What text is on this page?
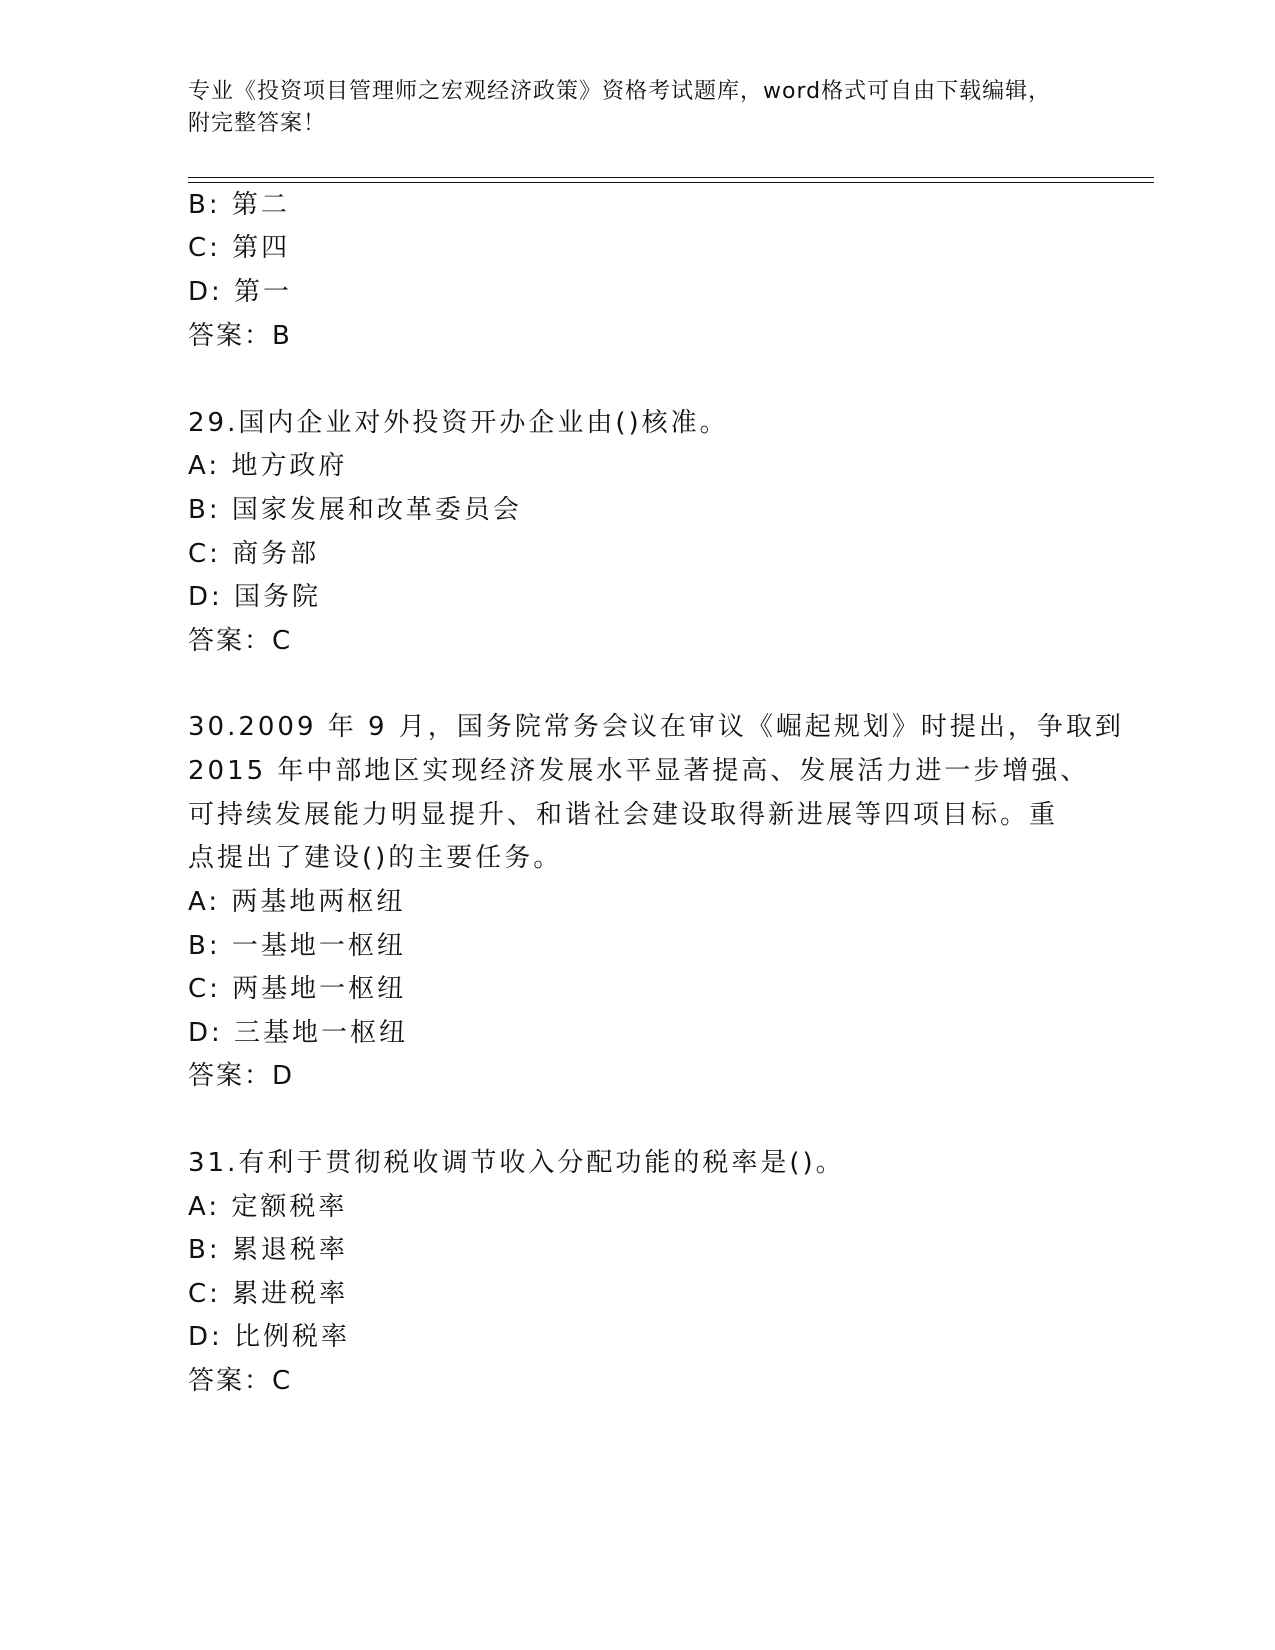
专业《投资项目管理师之宏观经济政策》资格考试题库，word格式可自由下载编辑，附完整答案！
B: 第二
C: 第四
D: 第一
答案：B
29.国内企业对外投资开办企业由()核准。
A: 地方政府
B: 国家发展和改革委员会
C: 商务部
D: 国务院
答案：C
30.2009 年 9 月，国务院常务会议在审议《崛起规划》时提出，争取到
2015 年中部地区实现经济发展水平显著提高、发展活力进一步增强、
可持续发展能力明显提升、和谐社会建设取得新进展等四项目标。重
点提出了建设()的主要任务。
A: 两基地两枢纽
B: 一基地一枢纽
C: 两基地一枢纽
D: 三基地一枢纽
答案：D
31.有利于贯彻税收调节收入分配功能的税率是()。
A: 定额税率
B: 累退税率
C: 累进税率
D: 比例税率
答案：C
